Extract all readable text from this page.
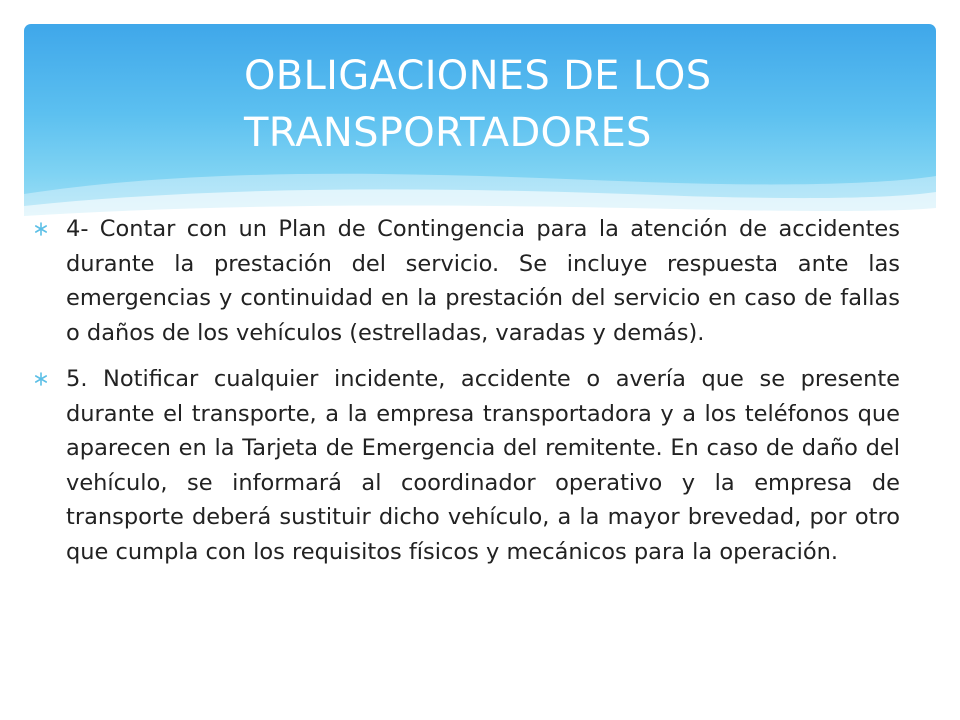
OBLIGACIONES DE LOS
TRANSPORTADORES
4- Contar con un Plan de Contingencia para la atención de accidentes durante la prestación del servicio. Se incluye respuesta ante las emergencias y continuidad en la prestación del servicio en caso de fallas o daños de los vehículos (estrelladas, varadas y demás).
5. Notificar cualquier incidente, accidente o avería que se presente durante el transporte, a la empresa transportadora y a los teléfonos que aparecen en la Tarjeta de Emergencia del remitente. En caso de daño del vehículo, se informará al coordinador operativo y la empresa de transporte deberá sustituir dicho vehículo, a la mayor brevedad, por otro que cumpla con los requisitos físicos y mecánicos para la operación.
